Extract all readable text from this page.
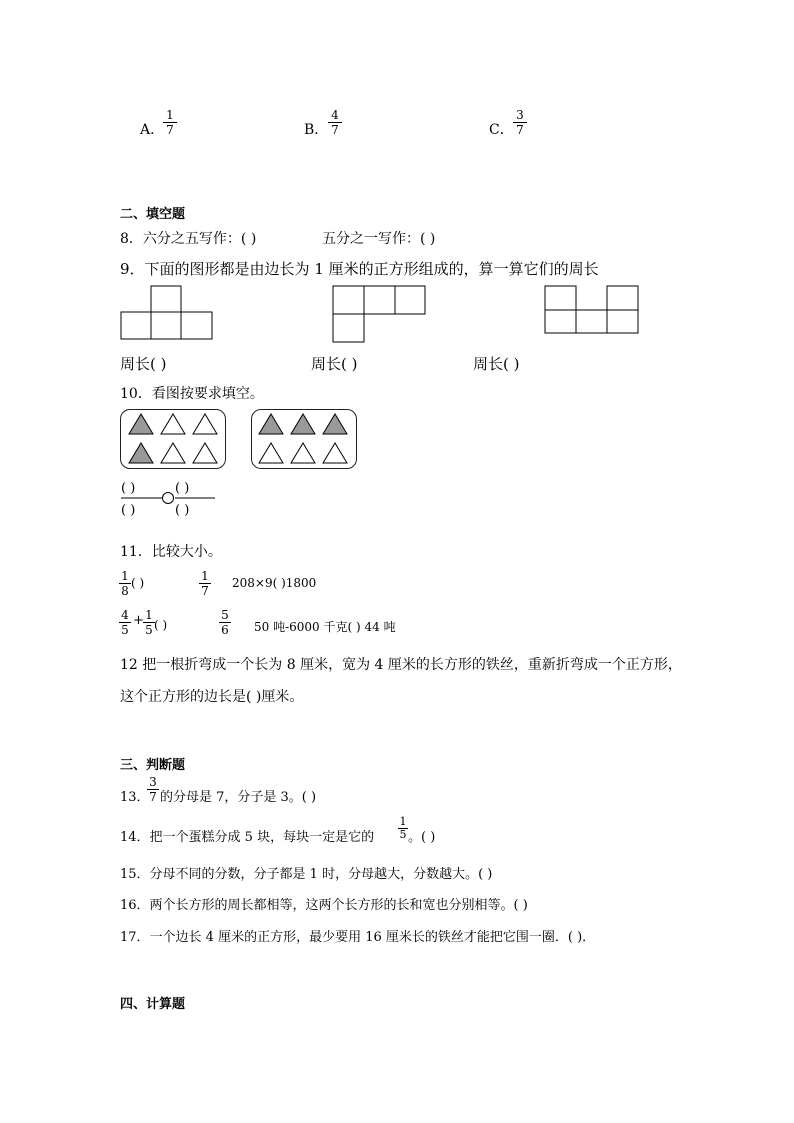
A．
1
7	B．
4
7	C．
3
7
二、填空题
8．六分之五写作：( )	五分之一写作：( )
9．下面的图形都是由边长为 1 厘米的正方形组成的，算一算它们的周长
周长( )	周长( )	周长( )
10．看图按要求填空。
( )
( )
( )
( )
11．比较大小。
1
8
( )	1
7
208×9( )1800
4
5
+ 1
5 ( )
5
6 50 吨-6000 千克( ) 44 吨
12 把一根折弯成一个长为 8 厘米，宽为 4 厘米的长方形的铁丝，重新折弯成一个正方形，
这个正方形的边长是( )厘米。
三、判断题
13．
3
7 的分母是 7，分子是 3。( )
14．把一个蛋糕分成 5 块，每块一定是它的
1
5 。( )
15．分母不同的分数，分子都是 1 时，分母越大，分数越大。( )
16．两个长方形的周长都相等，这两个长方形的长和宽也分别相等。( )
17．一个边长 4 厘米的正方形，最少要用 16 厘米长的铁丝才能把它围一圈．( )．
四、计算题
